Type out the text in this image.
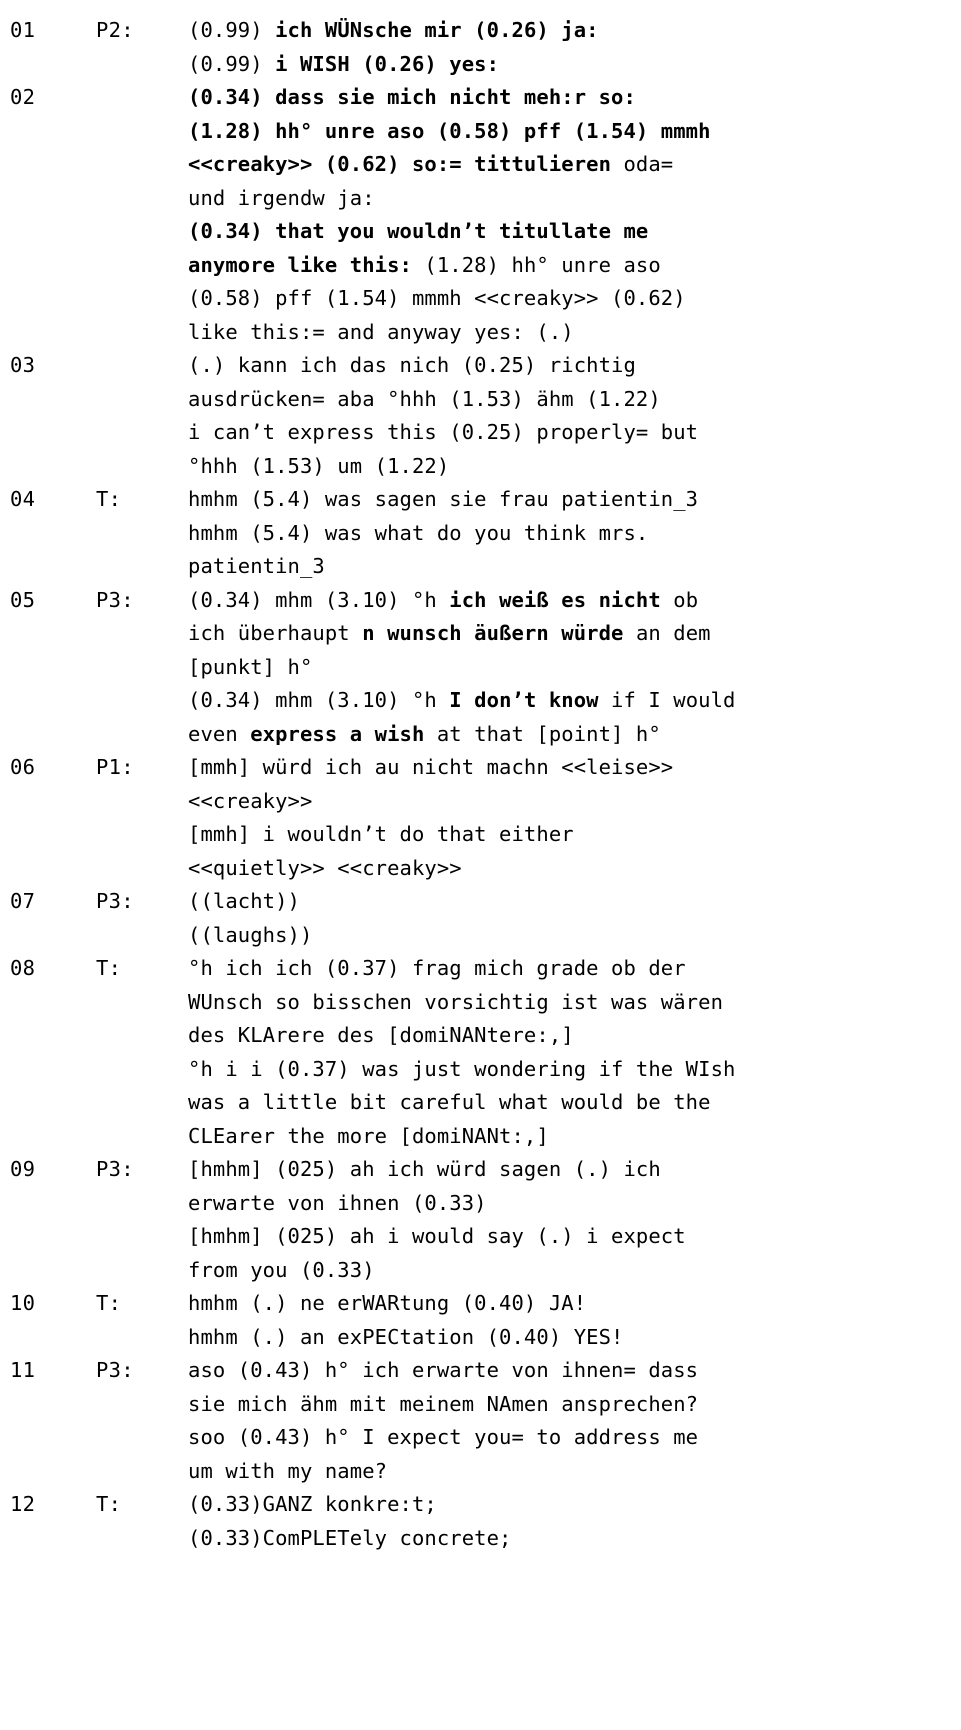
01	P2:	(0.99) ich WÜNsche mir (0.26) ja:
(0.99) i WISH (0.26) yes:
02	(0.34) dass sie mich nicht meh:r so:
(1.28) hh° unre aso (0.58) pff (1.54) mmmh
<<creaky>> (0.62) so:= tittulieren oda=
und irgendw ja:
(0.34) that you wouldn’t titullate me
anymore like this: (1.28) hh° unre aso
(0.58) pff (1.54) mmmh <<creaky>> (0.62)
like this:= and anyway yes: (.)
03	(.) kann ich das nich (0.25) richtig
ausdrücken= aba °hhh (1.53) ähm (1.22)
i can’t express this (0.25) properly= but
°hhh (1.53) um (1.22)
04	T:	hmhm (5.4) was sagen sie frau patientin_3
hmhm (5.4) was what do you think mrs.
patientin_3
05	P3:	(0.34) mhm (3.10) °h ich weiß es nicht ob
ich überhaupt n wunsch äußern würde an dem
[punkt] h°
(0.34) mhm (3.10) °h I don’t know if I would
even express a wish at that [point] h°
06	P1:	[mmh] würd ich au nicht machn <<leise>>
<<creaky>>
[mmh] i wouldn’t do that either
<<quietly>> <<creaky>>
07	P3:	((lacht))
((laughs))
08	T:	°h ich ich (0.37) frag mich grade ob der
WUnsch so bisschen vorsichtig ist was wären
des KLArere des [domiNANtere:,]
°h i i (0.37) was just wondering if the WIsh
was a little bit careful what would be the
CLEarer the more [domiNANt:,]
09	P3:	[hmhm] (025) ah ich würd sagen (.) ich
erwarte von ihnen (0.33)
[hmhm] (025) ah i would say (.) i expect
from you (0.33)
10	T:	hmhm (.) ne erWARtung (0.40) JA!
hmhm (.) an exPECtation (0.40) YES!
11	P3:	aso (0.43) h° ich erwarte von ihnen= dass
sie mich ähm mit meinem NAmen ansprechen?
soo (0.43) h° I expect you= to address me
um with my name?
12	T:	(0.33)GANZ konkre:t;
(0.33)ComPLETely concrete;
